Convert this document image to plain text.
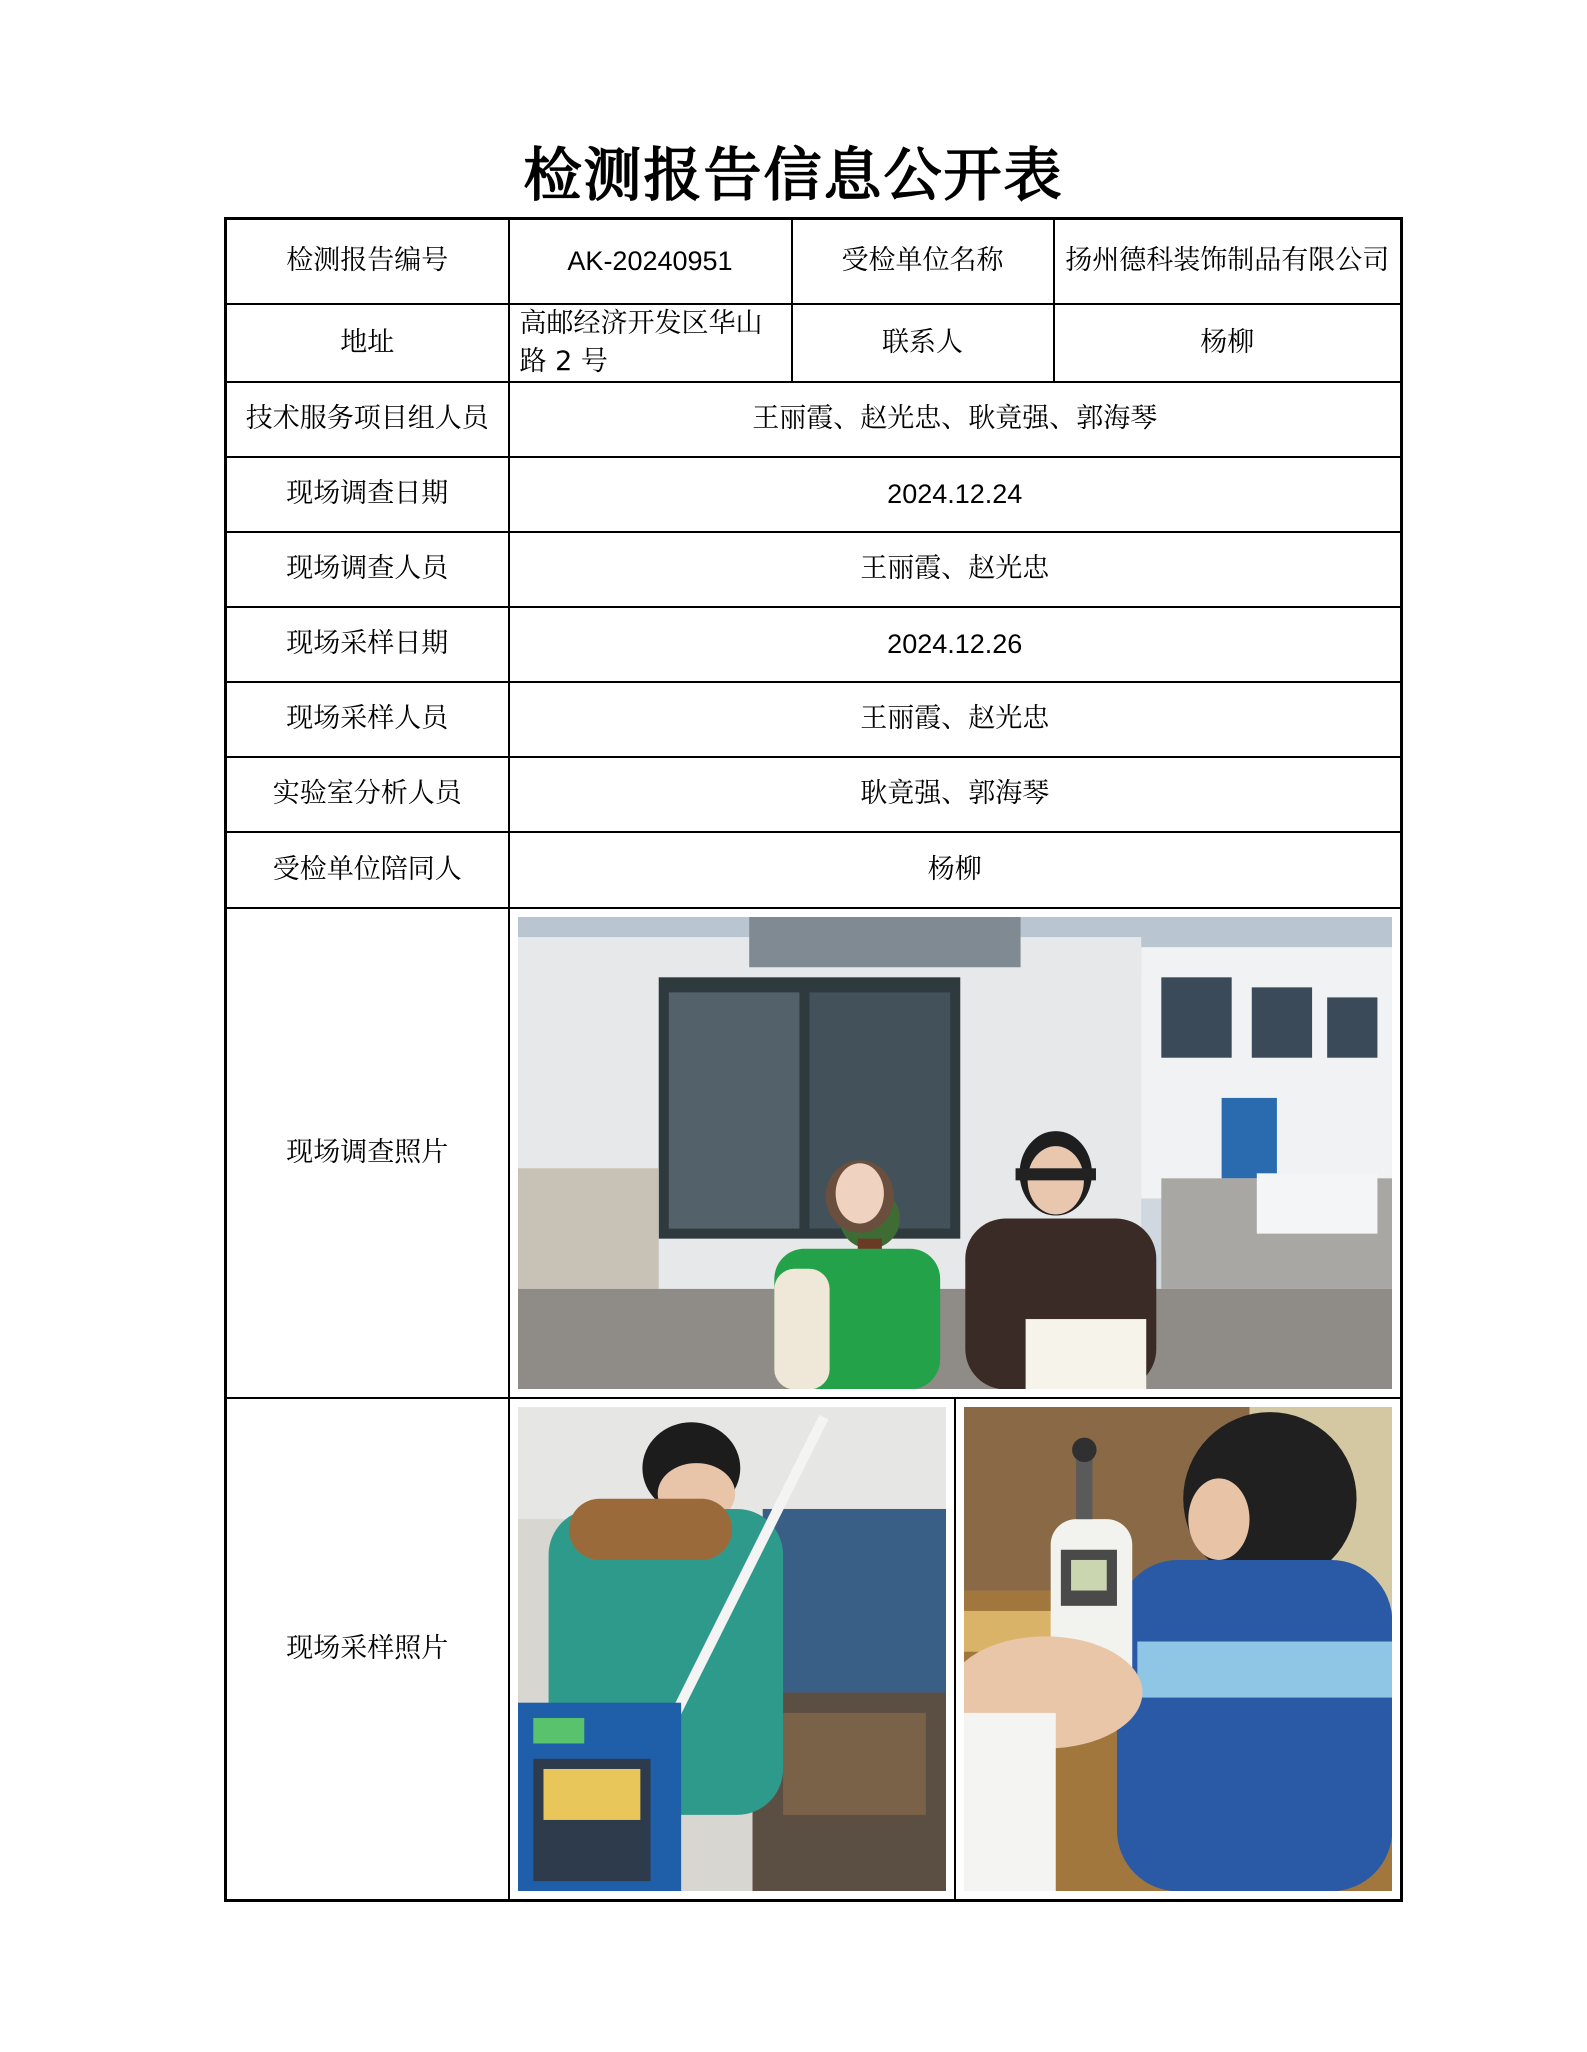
检测报告信息公开表
检测报告编号	AK-20240951	受检单位名称	扬州德科装饰制品有限公司
地址	高邮经济开发区华山路 2 号	联系人	杨柳
技术服务项目组人员	王丽霞、赵光忠、耿竟强、郭海琴		
现场调查日期	2024.12.24		
现场调查人员	王丽霞、赵光忠		
现场采样日期	2024.12.26		
现场采样人员	王丽霞、赵光忠		
实验室分析人员	耿竟强、郭海琴		
受检单位陪同人	杨柳		
现场调查照片	

现场采样照片	
